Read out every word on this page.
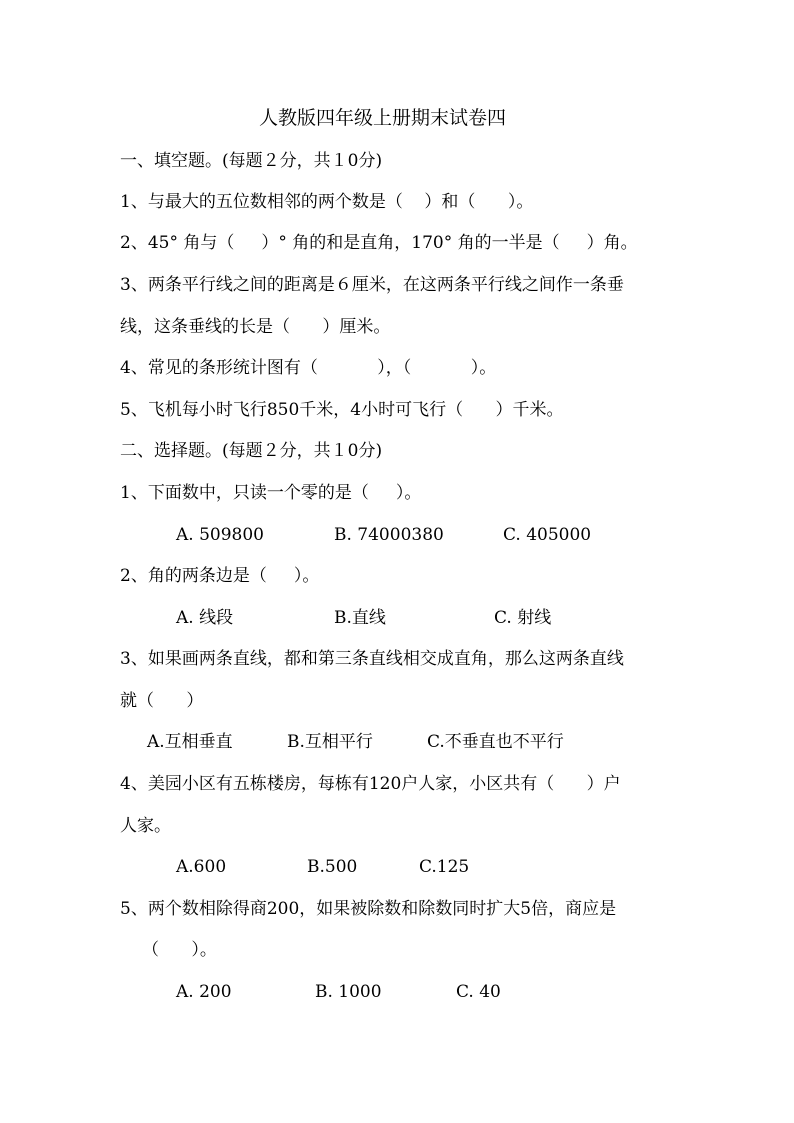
人教版四年级上册期末试卷四
一、填空题。(每题２分，共１0分)
1、与最大的五位数相邻的两个数是（    ）和（      ）。
2、45° 角与（     ）° 角的和是直角，170° 角的一半是（     ）角。
3、两条平行线之间的距离是６厘米，在这两条平行线之间作一条垂
线，这条垂线的长是（      ）厘米。
4、常见的条形统计图有（           ），（           ）。
5、飞机每小时飞行850千米，4小时可飞行（      ）千米。
二、选择题。(每题２分，共１0分)
1、下面数中，只读一个零的是（     ）。
A. 509800	B. 74000380	C. 405000
2、角的两条边是（     ）。
A. 线段	B.直线	C. 射线
3、如果画两条直线，都和第三条直线相交成直角，那么这两条直线
就（      ）
A.互相垂直	B.互相平行	C.不垂直也不平行
4、美园小区有五栋楼房，每栋有120户人家，小区共有（      ）户
人家。
A.600	B.500	C.125
5、两个数相除得商200，如果被除数和除数同时扩大5倍，商应是
（      ）。
A. 200	B. 1000	C. 40
